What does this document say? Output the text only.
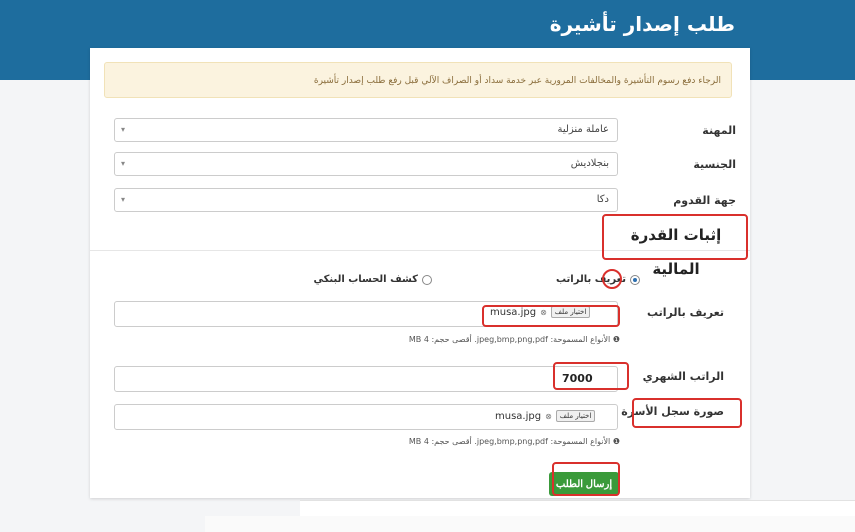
طلب إصدار تأشيرة
الرجاء دفع رسوم التأشيرة والمخالفات المرورية عبر خدمة سداد أو الصراف الآلي قبل رفع طلب إصدار تأشيرة
المهنة
عاملة منزلية
▾
الجنسية
بنجلاديش
▾
جهة القدوم
دكا
▾
إثبات القدرة المالية
تعريف بالراتب
كشف الحساب البنكي
تعريف بالراتب
musa.jpg ⊗	اختيار ملف
❶ الأنواع المسموحة: jpeg,bmp,png,pdf. أقصى حجم: 4 MB
الراتب الشهري
7000
صورة سجل الأسرة
musa.jpg ⊗	اختيار ملف
❶ الأنواع المسموحة: jpeg,bmp,png,pdf. أقصى حجم: 4 MB
إرسال الطلب
